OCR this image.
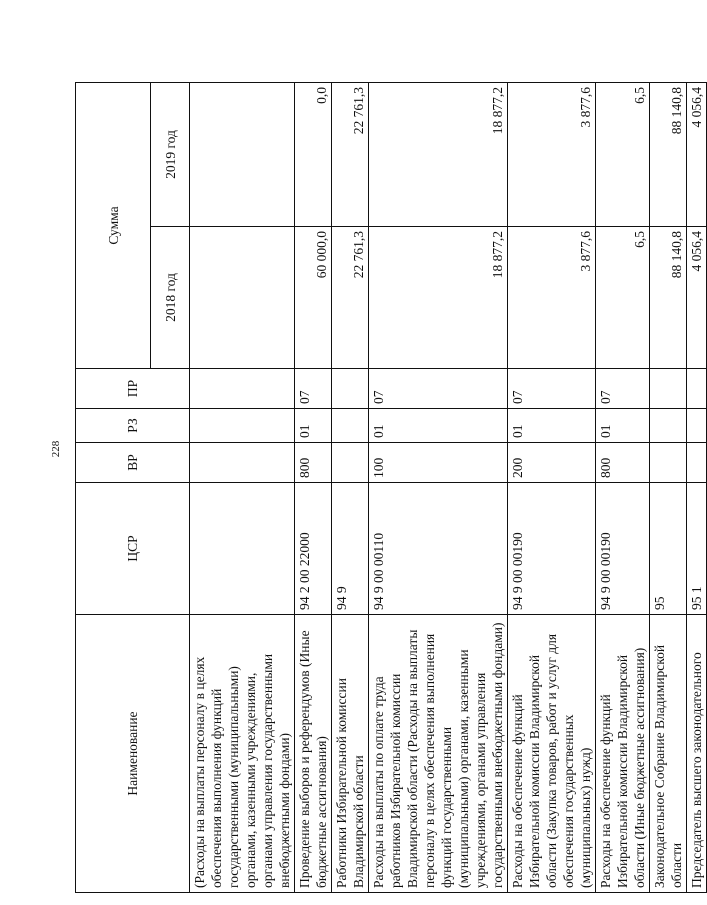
228
Наименование	ЦСР	ВР	РЗ	ПР	Сумма	
					2018 год	2019 год
(Расходы на выплаты персоналу в целях обеспечения выполнения функций государственными (муниципальными) органами, казенными учреждениями, органами управления государственными внебюджетными фондами)						
Проведение выборов и референдумов (Иные бюджетные ассигнования)	94 2 00 22000	800	01	07	60 000,0	0,0
Работники Избирательной комиссии Владимирской области	94 9				22 761,3	22 761,3
Расходы на выплаты по оплате труда работников Избирательной комиссии Владимирской области (Расходы на выплаты персоналу в целях обеспечения выполнения функций государственными (муниципальными) органами, казенными учреждениями, органами управления государственными внебюджетными фондами)	94 9 00 00110	100	01	07	18 877,2	18 877,2
Расходы на обеспечение функций Избирательной комиссии Владимирской области (Закупка товаров, работ и услуг для обеспечения государственных (муниципальных) нужд)	94 9 00 00190	200	01	07	3 877,6	3 877,6
Расходы на обеспечение функций Избирательной комиссии Владимирской области (Иные бюджетные ассигнования)	94 9 00 00190	800	01	07	6,5	6,5
Законодательное Собрание Владимирской области	95				88 140,8	88 140,8
Председатель высшего законодательного	95 1				4 056,4	4 056,4
